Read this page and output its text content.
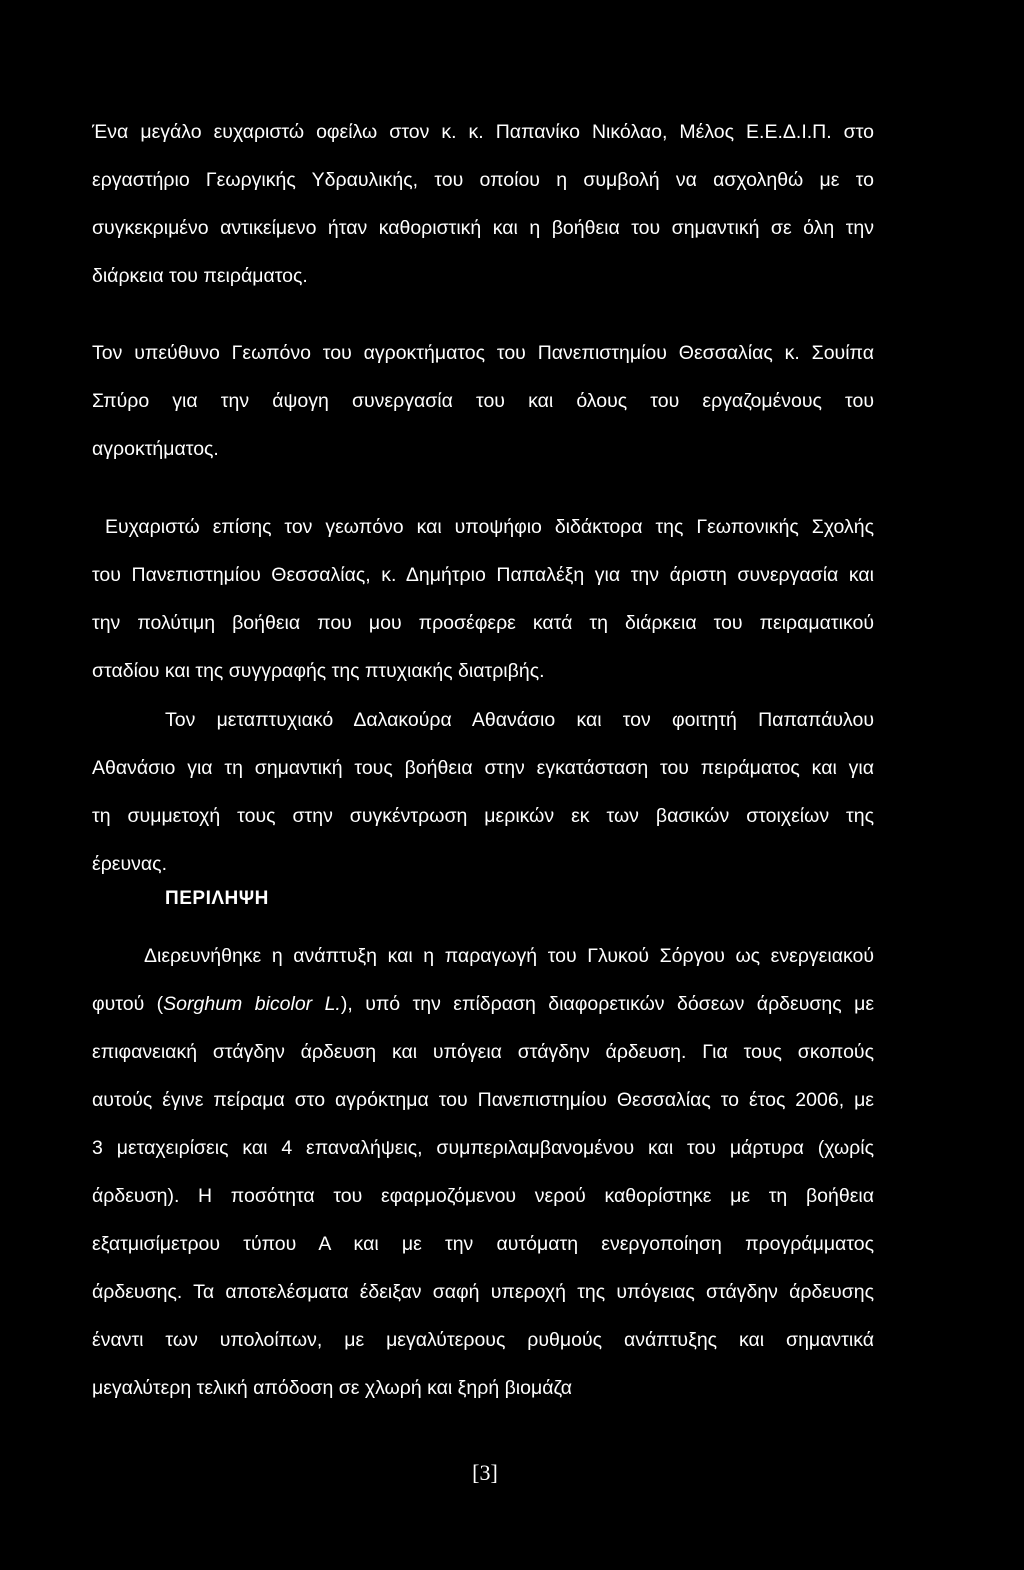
Ένα μεγάλο ευχαριστώ οφείλω στον κ. κ. Παπανίκο Νικόλαο, Μέλος Ε.Ε.Δ.Ι.Π. στο
εργαστήριο Γεωργικής Υδραυλικής, του οποίου η συμβολή να ασχοληθώ με το
συγκεκριμένο αντικείμενο ήταν καθοριστική και η βοήθεια του σημαντική σε όλη την
διάρκεια του πειράματος.
Τον υπεύθυνο Γεωπόνο του αγροκτήματος του Πανεπιστημίου Θεσσαλίας κ. Σουίπα
Σπύρο για την άψογη συνεργασία του και όλους του εργαζομένους του
αγροκτήματος.
Ευχαριστώ επίσης τον γεωπόνο και υποψήφιο διδάκτορα της Γεωπονικής Σχολής
του Πανεπιστημίου Θεσσαλίας, κ. Δημήτριο Παπαλέξη για την άριστη συνεργασία και
την πολύτιμη βοήθεια που μου προσέφερε κατά τη διάρκεια του πειραματικού
σταδίου και της συγγραφής της πτυχιακής διατριβής.
Τον μεταπτυχιακό Δαλακούρα Αθανάσιο και τον φοιτητή Παπαπάυλου
Αθανάσιο για τη σημαντική τους βοήθεια στην εγκατάσταση του πειράματος και για
τη συμμετοχή τους στην συγκέντρωση μερικών εκ των βασικών στοιχείων της
έρευνας.
ΠΕΡΙΛΗΨΗ
Διερευνήθηκε η ανάπτυξη και η παραγωγή του Γλυκού Σόργου ως ενεργειακού
φυτού (Sorghum bicolor L.), υπό την επίδραση διαφορετικών δόσεων άρδευσης με
επιφανειακή στάγδην άρδευση και υπόγεια στάγδην άρδευση. Για τους σκοπούς
αυτούς έγινε πείραμα στο αγρόκτημα του Πανεπιστημίου Θεσσαλίας το έτος 2006, με
3 μεταχειρίσεις και 4 επαναλήψεις, συμπεριλαμβανομένου και του μάρτυρα (χωρίς
άρδευση). Η ποσότητα του εφαρμοζόμενου νερού καθορίστηκε με τη βοήθεια
εξατμισίμετρου τύπου Α και με την αυτόματη ενεργοποίηση προγράμματος
άρδευσης. Τα αποτελέσματα έδειξαν σαφή υπεροχή της υπόγειας στάγδην άρδευσης
έναντι των υπολοίπων, με μεγαλύτερους ρυθμούς ανάπτυξης και σημαντικά
μεγαλύτερη τελική απόδοση σε χλωρή και ξηρή βιομάζα
[3]
